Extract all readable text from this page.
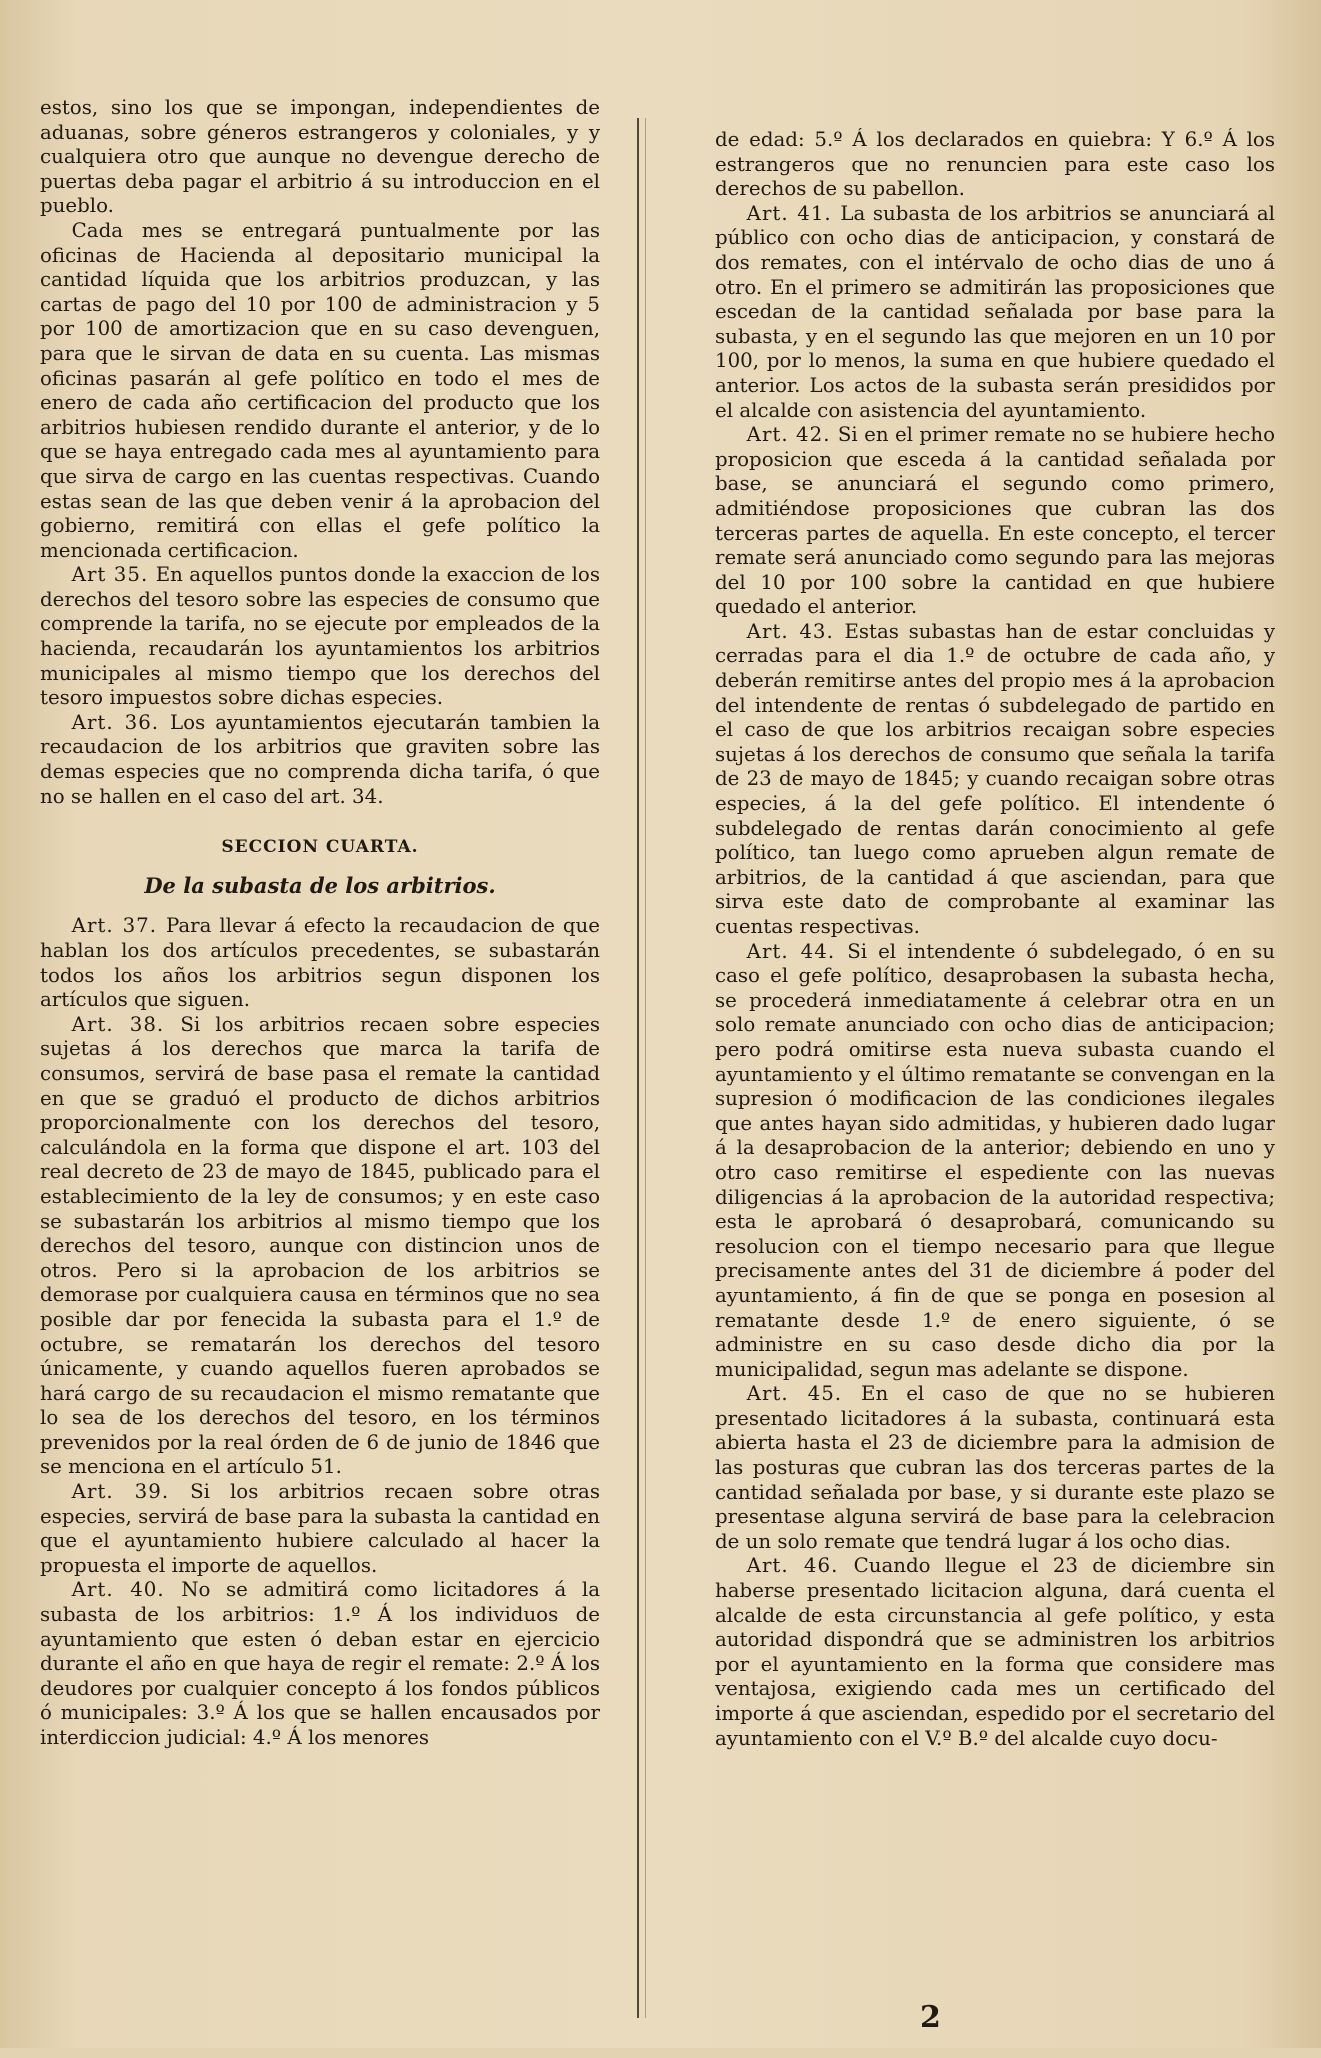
estos, sino los que se impongan, independientes de aduanas, sobre géneros estrangeros y coloniales, y y cualquiera otro que aunque no devengue derecho de puertas deba pagar el arbitrio á su introduccion en el pueblo.

Cada mes se entregará puntualmente por las oficinas de Hacienda al depositario municipal la cantidad líquida que los arbitrios produzcan, y las cartas de pago del 10 por 100 de administracion y 5 por 100 de amortizacion que en su caso devenguen, para que le sirvan de data en su cuenta. Las mismas oficinas pasarán al gefe político en todo el mes de enero de cada año certificacion del producto que los arbitrios hubiesen rendido durante el anterior, y de lo que se haya entregado cada mes al ayuntamiento para que sirva de cargo en las cuentas respectivas. Cuando estas sean de las que deben venir á la aprobacion del gobierno, remitirá con ellas el gefe político la mencionada certificacion.

Art 35. En aquellos puntos donde la exaccion de los derechos del tesoro sobre las especies de consumo que comprende la tarifa, no se ejecute por empleados de la hacienda, recaudarán los ayuntamientos los arbitrios municipales al mismo tiempo que los derechos del tesoro impuestos sobre dichas especies.

Art. 36. Los ayuntamientos ejecutarán tambien la recaudacion de los arbitrios que graviten sobre las demas especies que no comprenda dicha tarifa, ó que no se hallen en el caso del art. 34.

SECCION CUARTA.
De la subasta de los arbitrios.

Art. 37. Para llevar á efecto la recaudacion de que hablan los dos artículos precedentes, se subastarán todos los años los arbitrios segun disponen los artículos que siguen.

Art. 38. Si los arbitrios recaen sobre especies sujetas á los derechos que marca la tarifa de consumos, servirá de base pasa el remate la cantidad en que se graduó el producto de dichos arbitrios proporcionalmente con los derechos del tesoro, calculándola en la forma que dispone el art. 103 del real decreto de 23 de mayo de 1845, publicado para el establecimiento de la ley de consumos; y en este caso se subastarán los arbitrios al mismo tiempo que los derechos del tesoro, aunque con distincion unos de otros. Pero si la aprobacion de los arbitrios se demorase por cualquiera causa en términos que no sea posible dar por fenecida la subasta para el 1.º de octubre, se rematarán los derechos del tesoro únicamente, y cuando aquellos fueren aprobados se hará cargo de su recaudacion el mismo rematante que lo sea de los derechos del tesoro, en los términos prevenidos por la real órden de 6 de junio de 1846 que se menciona en el artículo 51.

Art. 39. Si los arbitrios recaen sobre otras especies, servirá de base para la subasta la cantidad en que el ayuntamiento hubiere calculado al hacer la propuesta el importe de aquellos.

Art. 40. No se admitirá como licitadores á la subasta de los arbitrios: 1.º Á los individuos de ayuntamiento que esten ó deban estar en ejercicio durante el año en que haya de regir el remate: 2.º Á los deudores por cualquier concepto á los fondos públicos ó municipales: 3.º Á los que se hallen encausados por interdiccion judicial: 4.º Á los menores

de edad: 5.º Á los declarados en quiebra: Y 6.º Á los estrangeros que no renuncien para este caso los derechos de su pabellon.

Art. 41. La subasta de los arbitrios se anunciará al público con ocho dias de anticipacion, y constará de dos remates, con el intérvalo de ocho dias de uno á otro. En el primero se admitirán las proposiciones que escedan de la cantidad señalada por base para la subasta, y en el segundo las que mejoren en un 10 por 100, por lo menos, la suma en que hubiere quedado el anterior. Los actos de la subasta serán presididos por el alcalde con asistencia del ayuntamiento.

Art. 42. Si en el primer remate no se hubiere hecho proposicion que esceda á la cantidad señalada por base, se anunciará el segundo como primero, admitiéndose proposiciones que cubran las dos terceras partes de aquella. En este concepto, el tercer remate será anunciado como segundo para las mejoras del 10 por 100 sobre la cantidad en que hubiere quedado el anterior.

Art. 43. Estas subastas han de estar concluidas y cerradas para el dia 1.º de octubre de cada año, y deberán remitirse antes del propio mes á la aprobacion del intendente de rentas ó subdelegado de partido en el caso de que los arbitrios recaigan sobre especies sujetas á los derechos de consumo que señala la tarifa de 23 de mayo de 1845; y cuando recaigan sobre otras especies, á la del gefe político. El intendente ó subdelegado de rentas darán conocimiento al gefe político, tan luego como aprueben algun remate de arbitrios, de la cantidad á que asciendan, para que sirva este dato de comprobante al examinar las cuentas respectivas.

Art. 44. Si el intendente ó subdelegado, ó en su caso el gefe político, desaprobasen la subasta hecha, se procederá inmediatamente á celebrar otra en un solo remate anunciado con ocho dias de anticipacion; pero podrá omitirse esta nueva subasta cuando el ayuntamiento y el último rematante se convengan en la supresion ó modificacion de las condiciones ilegales que antes hayan sido admitidas, y hubieren dado lugar á la desaprobacion de la anterior; debiendo en uno y otro caso remitirse el espediente con las nuevas diligencias á la aprobacion de la autoridad respectiva; esta le aprobará ó desaprobará, comunicando su resolucion con el tiempo necesario para que llegue precisamente antes del 31 de diciembre á poder del ayuntamiento, á fin de que se ponga en posesion al rematante desde 1.º de enero siguiente, ó se administre en su caso desde dicho dia por la municipalidad, segun mas adelante se dispone.

Art. 45. En el caso de que no se hubieren presentado licitadores á la subasta, continuará esta abierta hasta el 23 de diciembre para la admision de las posturas que cubran las dos terceras partes de la cantidad señalada por base, y si durante este plazo se presentase alguna servirá de base para la celebracion de un solo remate que tendrá lugar á los ocho dias.

Art. 46. Cuando llegue el 23 de diciembre sin haberse presentado licitacion alguna, dará cuenta el alcalde de esta circunstancia al gefe político, y esta autoridad dispondrá que se administren los arbitrios por el ayuntamiento en la forma que considere mas ventajosa, exigiendo cada mes un certificado del importe á que asciendan, espedido por el secretario del ayuntamiento con el V.º B.º del alcalde cuyo docu-

2
